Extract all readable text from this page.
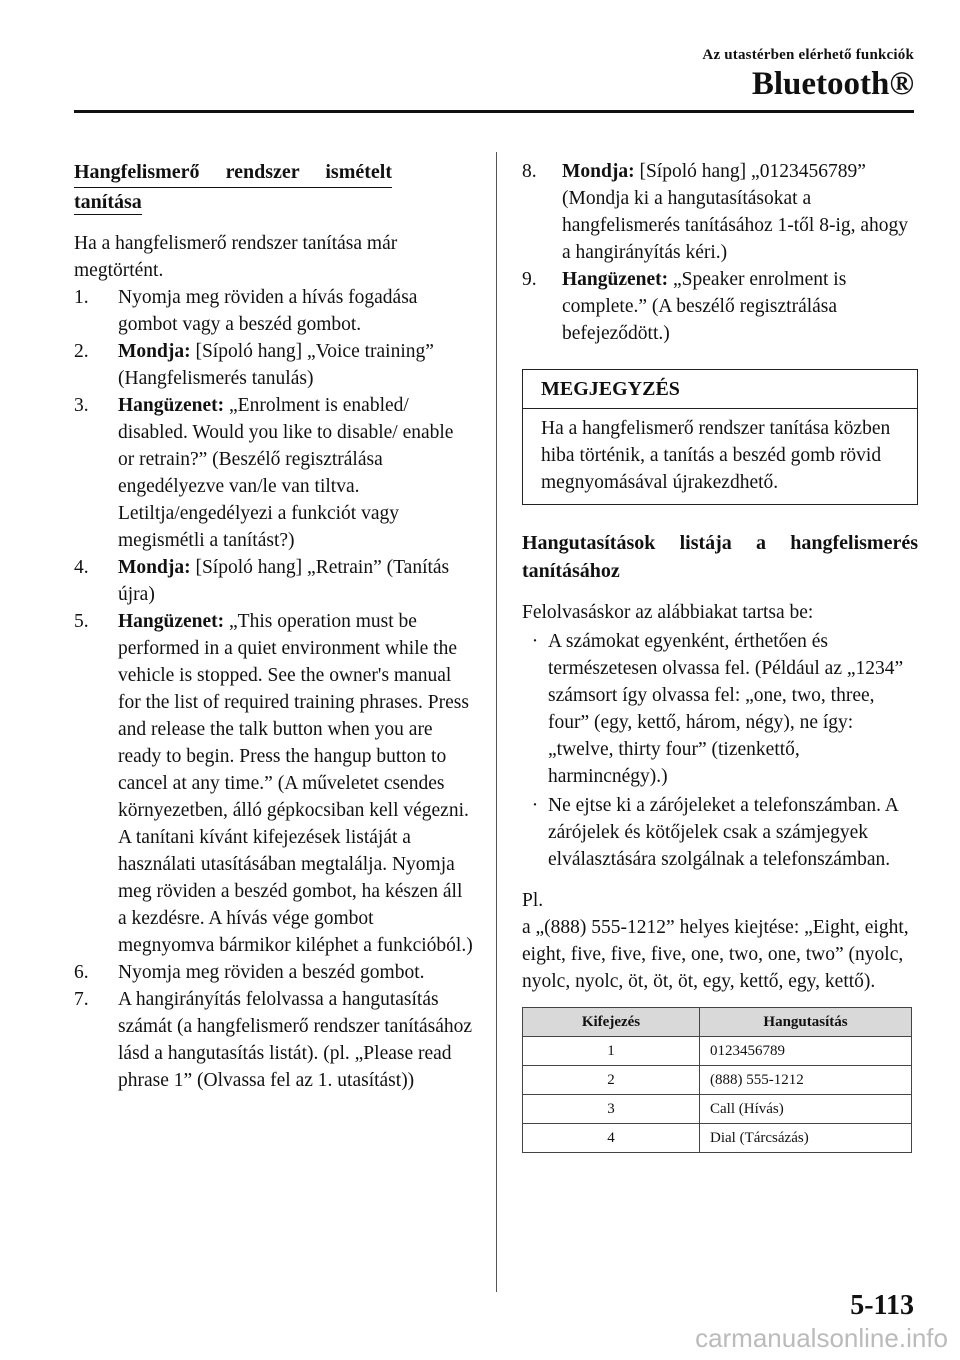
Az utastérben elérhető funkciók
Bluetooth®
Hangfelismerő rendszer ismételt
tanítása

Ha a hangfelismerő rendszer tanítása már megtörtént.

1.	Nyomja meg röviden a hívás fogadása gombot vagy a beszéd gombot.
2.	Mondja: [Sípoló hang] „Voice training” (Hangfelismerés tanulás)
3.	Hangüzenet: „Enrolment is enabled/ disabled. Would you like to disable/ enable or retrain?” (Beszélő regisztrálása engedélyezve van/le van tiltva. Letiltja/engedélyezi a funkciót vagy megismétli a tanítást?)
4.	Mondja: [Sípoló hang] „Retrain” (Tanítás újra)
5.	Hangüzenet: „This operation must be performed in a quiet environment while the vehicle is stopped. See the owner's manual for the list of required training phrases. Press and release the talk button when you are ready to begin. Press the hangup button to cancel at any time.” (A műveletet csendes környezetben, álló gépkocsiban kell végezni. A tanítani kívánt kifejezések listáját a használati utasításában megtalálja. Nyomja meg röviden a beszéd gombot, ha készen áll a kezdésre. A hívás vége gombot megnyomva bármikor kiléphet a funkcióból.)
6.	Nyomja meg röviden a beszéd gombot.
7.	A hangirányítás felolvassa a hangutasítás számát (a hangfelismerő rendszer tanításához lásd a hangutasítás listát). (pl. „Please read phrase 1” (Olvassa fel az 1. utasítást))
8.	Mondja: [Sípoló hang] „0123456789” (Mondja ki a hangutasításokat a hangfelismerés tanításához 1-től 8-ig, ahogy a hangirányítás kéri.)
9.	Hangüzenet: „Speaker enrolment is complete.” (A beszélő regisztrálása befejeződött.)
MEGJEGYZÉS
Ha a hangfelismerő rendszer tanítása közben hiba történik, a tanítás a beszéd gomb rövid megnyomásával újrakezdhető.

Hangutasítások listája a hangfelismerés tanításához

Felolvasáskor az alábbiakat tartsa be:

· A számokat egyenként, érthetően és természetesen olvassa fel. (Például az „1234” számsort így olvassa fel: „one, two, three, four” (egy, kettő, három, négy), ne így: „twelve, thirty four” (tizenkettő, harmincnégy).)
· Ne ejtse ki a zárójeleket a telefonszámban. A zárójelek és kötőjelek csak a számjegyek elválasztására szolgálnak a telefonszámban.

Pl.

a „(888) 555-1212” helyes kiejtése: „Eight, eight, eight, five, five, five, one, two, one, two” (nyolc, nyolc, nyolc, öt, öt, öt, egy, kettő, egy, kettő).

Kifejezés	Hangutasítás
1	0123456789
2	(888) 555-1212
3	Call (Hívás)
4	Dial (Tárcsázás)
5-113
carmanualsonline.info
